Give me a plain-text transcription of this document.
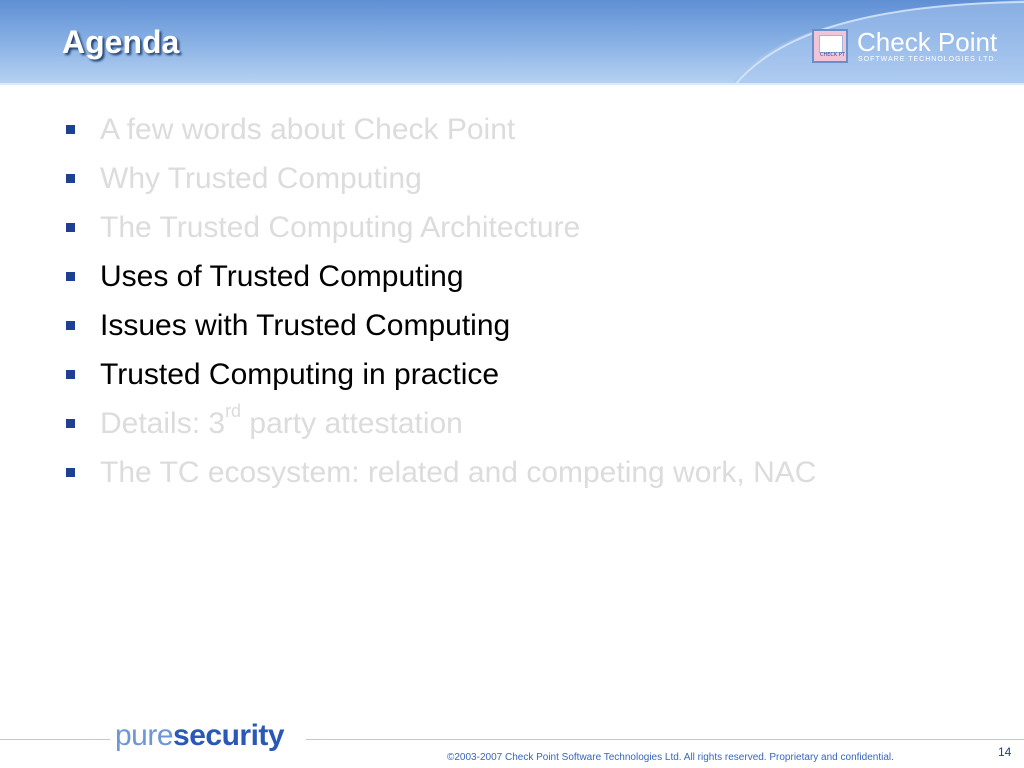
Agenda	CHECK PT Check Point
SOFTWARE TECHNOLOGIES LTD.
A few words about Check Point
Why Trusted Computing
The Trusted Computing Architecture
Uses of Trusted Computing
Issues with Trusted Computing
Trusted Computing in practice
Details: 3rd party attestation
The TC ecosystem: related and competing work, NAC
puresecurity
©2003-2007 Check Point Software Technologies Ltd. All rights reserved. Proprietary and confidential.	14
